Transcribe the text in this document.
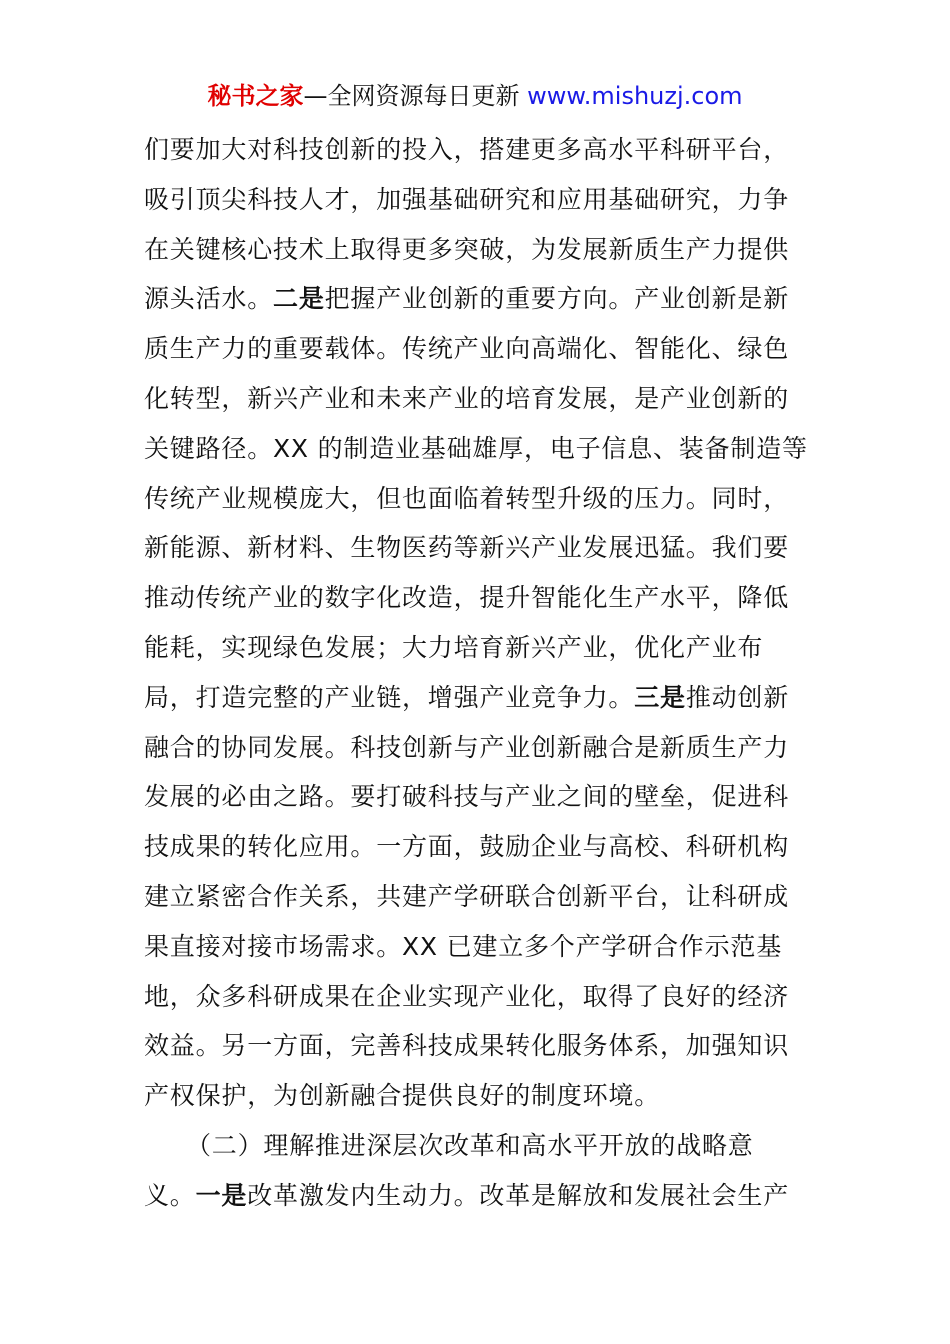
秘书之家—全网资源每日更新 www.mishuzj.com
们要加大对科技创新的投入，搭建更多高水平科研平台，
吸引顶尖科技人才，加强基础研究和应用基础研究，力争
在关键核心技术上取得更多突破，为发展新质生产力提供
源头活水。二是把握产业创新的重要方向。产业创新是新
质生产力的重要载体。传统产业向高端化、智能化、绿色
化转型，新兴产业和未来产业的培育发展，是产业创新的
关键路径。XX 的制造业基础雄厚，电子信息、装备制造等
传统产业规模庞大，但也面临着转型升级的压力。同时，
新能源、新材料、生物医药等新兴产业发展迅猛。我们要
推动传统产业的数字化改造，提升智能化生产水平，降低
能耗，实现绿色发展；大力培育新兴产业，优化产业布
局，打造完整的产业链，增强产业竞争力。三是推动创新
融合的协同发展。科技创新与产业创新融合是新质生产力
发展的必由之路。要打破科技与产业之间的壁垒，促进科
技成果的转化应用。一方面，鼓励企业与高校、科研机构
建立紧密合作关系，共建产学研联合创新平台，让科研成
果直接对接市场需求。XX 已建立多个产学研合作示范基
地，众多科研成果在企业实现产业化，取得了良好的经济
效益。另一方面，完善科技成果转化服务体系，加强知识
产权保护，为创新融合提供良好的制度环境。
（二）理解推进深层次改革和高水平开放的战略意
义。一是改革激发内生动力。改革是解放和发展社会生产
